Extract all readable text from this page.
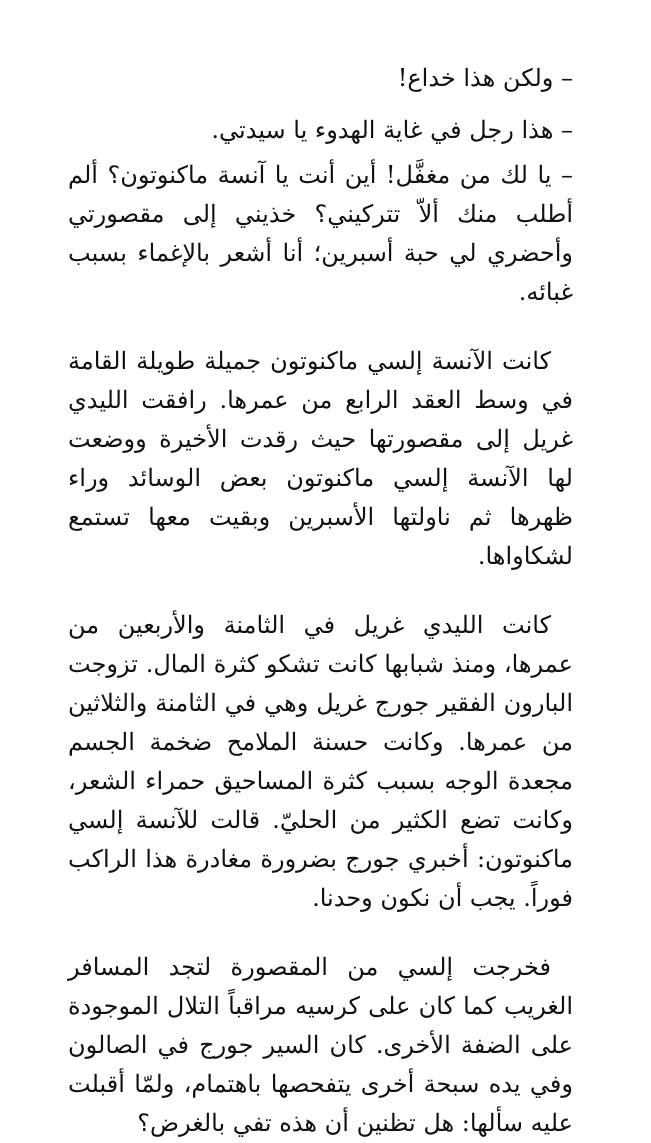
– ولكن هذا خداع!

– هذا رجل في غاية الهدوء يا سيدتي.

– يا لك من مغفَّل! أين أنت يا آنسة ماكنوتون؟ ألم أطلب منك ألاّ تتركيني؟ خذيني إلى مقصورتي وأحضري لي حبة أسبرين؛ أنا أشعر بالإغماء بسبب غبائه.

كانت الآنسة إلسي ماكنوتون جميلة طويلة القامة في وسط العقد الرابع من عمرها. رافقت الليدي غريل إلى مقصورتها حيث رقدت الأخيرة ووضعت لها الآنسة إلسي ماكنوتون بعض الوسائد وراء ظهرها ثم ناولتها الأسبرين وبقيت معها تستمع لشكاواها.

كانت الليدي غريل في الثامنة والأربعين من عمرها، ومنذ شبابها كانت تشكو كثرة المال. تزوجت البارون الفقير جورج غريل وهي في الثامنة والثلاثين من عمرها. وكانت حسنة الملامح ضخمة الجسم مجعدة الوجه بسبب كثرة المساحيق حمراء الشعر، وكانت تضع الكثير من الحليّ. قالت للآنسة إلسي ماكنوتون: أخبري جورج بضرورة مغادرة هذا الراكب فوراً. يجب أن نكون وحدنا.

فخرجت إلسي من المقصورة لتجد المسافر الغريب كما كان على كرسيه مراقباً التلال الموجودة على الضفة الأخرى. كان السير جورج في الصالون وفي يده سبحة أخرى يتفحصها باهتمام، ولمّا أقبلت عليه سألها: هل تظنين أن هذه تفي بالغرض؟
